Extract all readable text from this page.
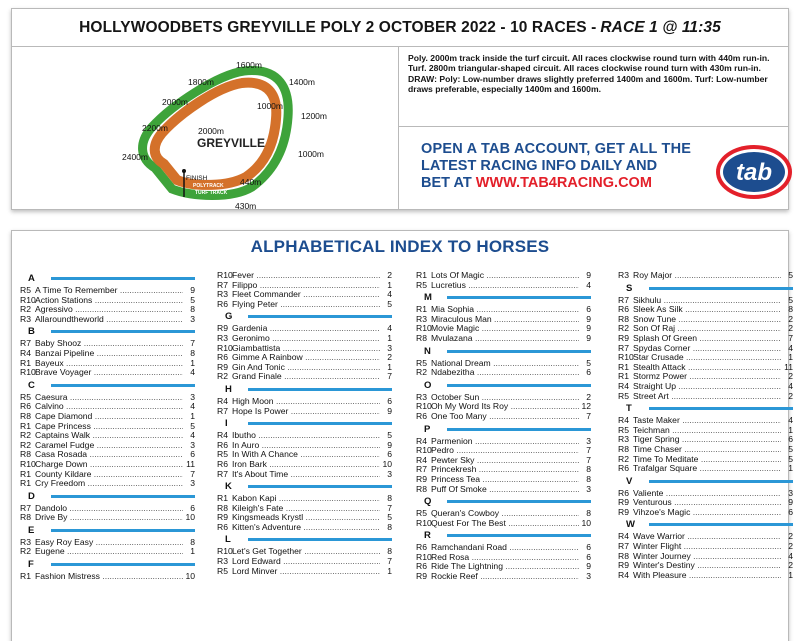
HOLLYWOODBETS GREYVILLE POLY 2 OCTOBER 2022 - 10 RACES - RACE 1 @ 11:35
1600m
1800m	1400m
2000m
1200m
2200m
1000m
2400m
440m
430m
1000m
2000m
GREYVILLE
FINISH
POLYTRACK
TURF TRACK
Poly. 2000m track inside the turf circuit. All races clockwise round turn with 440m run-in. Turf. 2800m triangular-shaped circuit. All races clockwise round turn with 430m run-in. DRAW: Poly: Low-number draws slightly preferred 1400m and 1600m. Turf: Low-number draws preferable, especially 1400m and 1600m.
OPEN A TAB ACCOUNT, GET ALL THE
LATEST RACING INFO DAILY AND
BET AT WWW.TAB4RACING.COM	tab
ALPHABETICAL INDEX TO HORSES
A
R5 A Time To Remember .....	9
R10 Action Stations .....	5
R2 Agressivo .....	8
R3 Allaroundtheworld .....	3
B
R7 Baby Shooz .....	7
R4 Banzai Pipeline .....	8
R1 Bayeux .....	1
R10 Brave Voyager .....	4
C
R5 Caesura .....	3
R6 Calvino .....	4
R8 Cape Diamond .....	1
R1 Cape Princess .....	5
R2 Captains Walk .....	4
R2 Caramel Fudge .....	3
R8 Casa Rosada .....	6
R10 Charge Down .....	11
R1 County Kildare .....	7
R1 Cry Freedom .....	3
D
R7 Dandolo .....	6
R8 Drive By .....	10
E
R3 Easy Roy Easy .....	8
R2 Eugene .....	1
F
R1 Fashion Mistress .....	10
R10 Fever .....	2
R7 Filippo .....	1
R3 Fleet Commander .....	4
R6 Flying Peter .....	5
G
R9 Gardenia .....	4
R3 Geronimo .....	1
R10 Giambattista .....	3
R6 Gimme A Rainbow .....	2
R9 Gin And Tonic .....	1
R2 Grand Finale .....	7
H
R4 High Moon .....	6
R7 Hope Is Power .....	9
I
R4 Ibutho .....	5
R6 In Auro .....	9
R5 In With A Chance .....	6
R6 Iron Bark .....	10
R7 It's About Time .....	3
K
R1 Kabon Kapi .....	8
R8 Kileigh's Fate .....	7
R9 Kingsmeads Krystl .....	5
R6 Kitten's Adventure .....	8
L
R10 Let's Get Together .....	8
R3 Lord Edward .....	7
R5 Lord Minver .....	1
R1 Lots Of Magic .....	9
R5 Lucretius .....	4
M
R1 Mia Sophia .....	6
R3 Miraculous Man .....	9
R10 Movie Magic .....	9
R8 Mvulazana .....	9
N
R5 National Dream .....	5
R2 Ndabezitha .....	6
O
R3 October Sun .....	2
R10 Oh My Word Its Roy .....	12
R6 One Too Many .....	7
P
R4 Parmenion .....	3
R10 Pedro .....	7
R4 Pewter Sky .....	7
R7 Princekresh .....	8
R9 Princess Tea .....	8
R8 Puff Of Smoke .....	3
Q
R5 Queran's Cowboy .....	8
R10 Quest For The Best .....	10
R
R6 Ramchandani Road .....	6
R10 Red Rosa .....	6
R6 Ride The Lightning .....	9
R9 Rockie Reef .....	3
R3 Roy Major .....	5
S
R7 Sikhulu .....	5
R6 Sleek As Silk .....	8
R8 Snow Tune .....	2
R2 Son Of Raj .....	2
R9 Splash Of Green .....	7
R7 Spydas Corner .....	4
R10 Star Crusade .....	1
R1 Stealth Attack .....	11
R1 Stormz Power .....	2
R4 Straight Up .....	4
R5 Street Art .....	2
T
R4 Taste Maker .....	4
R5 Teichman .....	1
R3 Tiger Spring .....	6
R8 Time Chaser .....	5
R2 Time To Meditate .....	5
R6 Trafalgar Square .....	1
V
R6 Valiente .....	3
R9 Venturous .....	9
R9 Vihzoe's Magic .....	6
W
R4 Wave Warrior .....	2
R7 Winter Flight .....	2
R8 Winter Journey .....	4
R9 Winter's Destiny .....	2
R4 With Pleasure .....	1
